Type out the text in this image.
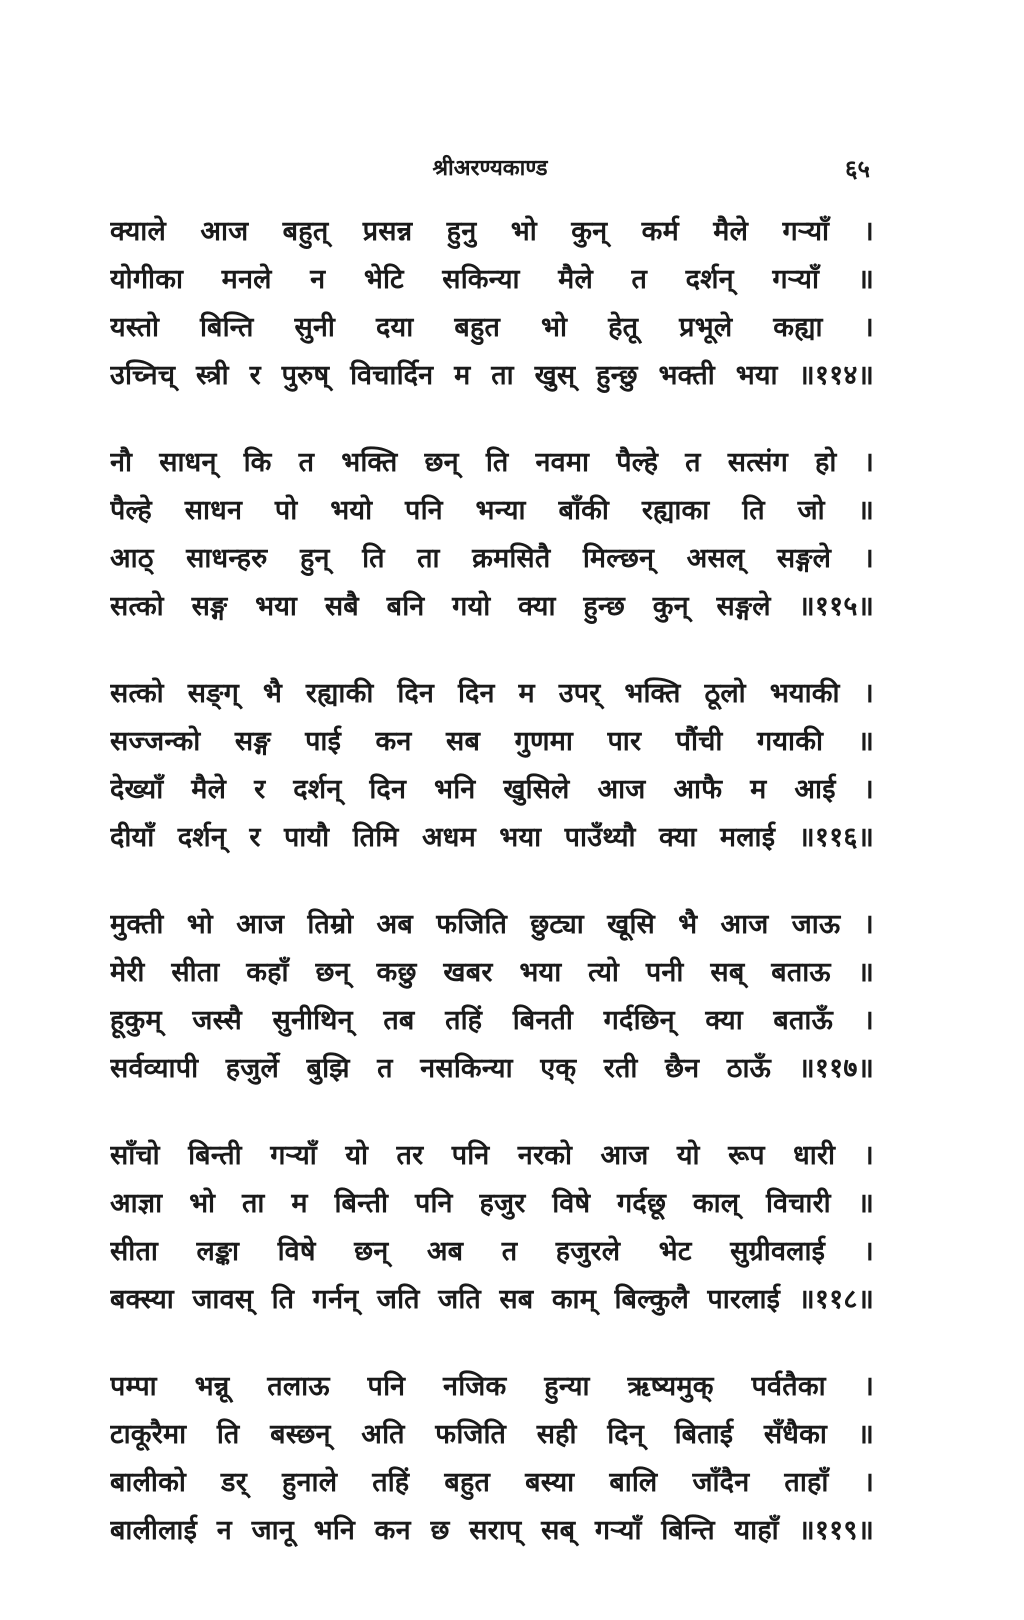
श्रीअरण्यकाण्ड	६५
क्याले आज बहुत् प्रसन्न हुनु भो कुन् कर्म मैले गर्‍याँ ।
योगीका मनले न भेटि सकिन्या मैले त दर्शन् गर्‍याँ ॥
यस्तो बिन्ति सुनी दया बहुत भो हेतू प्रभूले कह्या ।
उच्निच् स्त्री र पुरुष् विचार्दिन म ता खुस् हुन्छु भक्ती भया ॥११४॥
नौ साधन् कि त भक्ति छन् ति नवमा पैल्हे त सत्संग हो ।
पैल्हे साधन पो भयो पनि भन्या बाँकी रह्याका ति जो ॥
आठ् साधन्हरु हुन् ति ता क्रमसितै मिल्छन् असल् सङ्गले ।
सत्को सङ्ग भया सबै बनि गयो क्या हुन्छ कुन् सङ्गले ॥११५॥
सत्को सङ्ग् भै रह्याकी दिन दिन म उपर् भक्ति ठूलो भयाकी ।
सज्जन्को सङ्ग पाई कन सब गुणमा पार पौंची गयाकी ॥
देख्याँ मैले र दर्शन् दिन भनि खुसिले आज आफै म आई ।
दीयाँ दर्शन् र पायौ तिमि अधम भया पाउँथ्यौ क्या मलाई ॥११६॥
मुक्ती भो आज तिम्रो अब फजिति छुट्या खूसि भै आज जाऊ ।
मेरी सीता कहाँ छन् कछु खबर भया त्यो पनी सब् बताऊ ॥
हूकुम् जस्सै सुनीथिन् तब तहिं बिनती गर्दछिन् क्या बताऊँ ।
सर्वव्यापी हजुर्ले बुझि त नसकिन्या एक् रती छैन ठाऊँ ॥११७॥
साँचो बिन्ती गर्‍याँ यो तर पनि नरको आज यो रूप धारी ।
आज्ञा भो ता म बिन्ती पनि हजुर विषे गर्दछू काल् विचारी ॥
सीता लङ्का विषे छन् अब त हजुरले भेट सुग्रीवलाई ।
बक्स्या जावस् ति गर्नन् जति जति सब काम् बिल्कुलै पारलाई ॥११८॥
पम्पा भन्नू तलाऊ पनि नजिक हुन्या ऋष्यमुक् पर्वतैका ।
टाकूरैमा ति बस्छन् अति फजिति सही दिन् बिताई सँधैका ॥
बालीको डर् हुनाले तहिं बहुत बस्या बालि जाँदैन ताहाँ ।
बालीलाई न जानू भनि कन छ सराप् सब् गर्‍याँ बिन्ति याहाँ ॥११९॥
